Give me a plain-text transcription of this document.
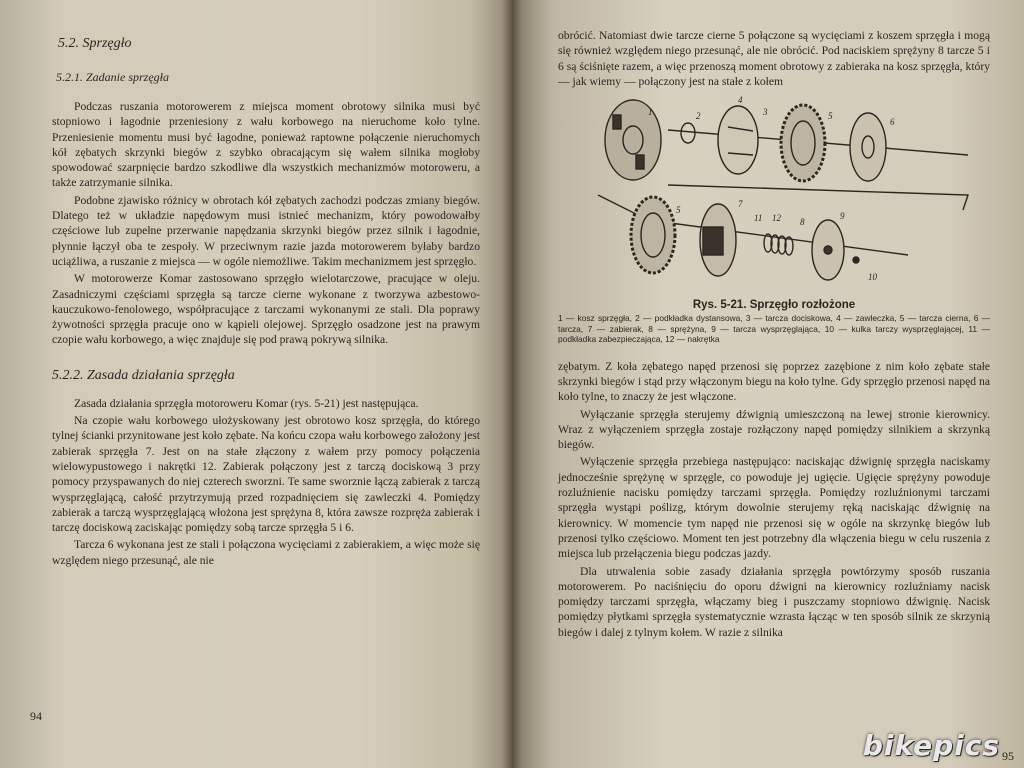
5.2. Sprzęgło
5.2.1. Zadanie sprzęgła

Podczas ruszania motorowerem z miejsca moment obrotowy silnika musi być stopniowo i łagodnie przeniesiony z wału korbowego na nieruchome koło tylne. Przeniesienie momentu musi być łagodne, ponieważ raptowne połączenie nieruchomych kół zębatych skrzynki biegów z szybko obracającym się wałem silnika mogłoby spowodować szarpnięcie bardzo szkodliwe dla wszystkich mechanizmów motoroweru, a także zatrzymanie silnika.

Podobne zjawisko różnicy w obrotach kół zębatych zachodzi podczas zmiany biegów. Dlatego też w układzie napędowym musi istnieć mechanizm, który powodowałby częściowe lub zupełne przerwanie napędzania skrzynki biegów przez silnik i łagodnie, płynnie łączył oba te zespoły. W przeciwnym razie jazda motorowerem byłaby bardzo uciążliwa, a ruszanie z miejsca — w ogóle niemożliwe. Takim mechanizmem jest sprzęgło.

W motorowerze Komar zastosowano sprzęgło wielotarczowe, pracujące w oleju. Zasadniczymi częściami sprzęgła są tarcze cierne wykonane z tworzywa azbestowo-kauczukowo-fenolowego, współpracujące z tarczami wykonanymi ze stali. Dla poprawy żywotności sprzęgła pracuje ono w kąpieli olejowej. Sprzęgło osadzone jest na prawym czopie wału korbowego, a więc znajduje się pod prawą pokrywą silnika.

5.2.2. Zasada działania sprzęgła

Zasada działania sprzęgła motoroweru Komar (rys. 5-21) jest następująca.

Na czopie wału korbowego ułożyskowany jest obrotowo kosz sprzęgła, do którego tylnej ścianki przynitowane jest koło zębate. Na końcu czopa wału korbowego założony jest zabierak sprzęgła 7. Jest on na stałe złączony z wałem przy pomocy połączenia wielowypustowego i nakrętki 12. Zabierak połączony jest z tarczą dociskową 3 przy pomocy przyspawanych do niej czterech sworzni. Te same sworznie łączą zabierak z tarczą wysprzęglającą, całość przytrzymują przed rozpadnięciem się zawleczki 4. Pomiędzy zabierak a tarczą wysprzęglającą włożona jest sprężyna 8, która zawsze rozpręża zabierak i tarczę dociskową zaciskając pomiędzy sobą tarcze sprzęgła 5 i 6.

Tarcza 6 wykonana jest ze stali i połączona wycięciami z zabierakiem, a więc może się względem niego przesunąć, ale nie

94

obrócić. Natomiast dwie tarcze cierne 5 połączone są wycięciami z koszem sprzęgła i mogą się również względem niego przesunąć, ale nie obrócić. Pod naciskiem sprężyny 8 tarcze 5 i 6 są ściśnięte razem, a więc przenoszą moment obrotowy z zabieraka na kosz sprzęgła, który — jak wiemy — połączony jest na stałe z kołem

1	2	3
4
5
6
5
7
11 12 8
9
10
Rys. 5-21. Sprzęgło rozłożone
1 — kosz sprzęgła, 2 — podkładka dystansowa, 3 — tarcza dociskowa, 4 — zawleczka, 5 — tarcza cierna, 6 — tarcza, 7 — zabierak, 8 — sprężyna, 9 — tarcza wysprzęglająca, 10 — kulka tarczy wysprzęglającej, 11 — podkładka zabezpieczająca, 12 — nakrętka

zębatym. Z koła zębatego napęd przenosi się poprzez zazębione z nim koło zębate stałe skrzynki biegów i stąd przy włączonym biegu na koło tylne. Gdy sprzęgło przenosi napęd na koło tylne, to znaczy że jest włączone.

Wyłączanie sprzęgła sterujemy dźwignią umieszczoną na lewej stronie kierownicy. Wraz z wyłączeniem sprzęgła zostaje rozłączony napęd pomiędzy silnikiem a skrzynką biegów.

Wyłączenie sprzęgła przebiega następująco: naciskając dźwignię sprzęgła naciskamy jednocześnie sprężynę w sprzęgle, co powoduje jej ugięcie. Ugięcie sprężyny powoduje rozluźnienie nacisku pomiędzy tarczami sprzęgła. Pomiędzy rozluźnionymi tarczami sprzęgła wystąpi poślizg, którym dowolnie sterujemy ręką naciskając dźwignię na kierownicy. W momencie tym napęd nie przenosi się w ogóle na skrzynkę biegów lub przenosi tylko częściowo. Moment ten jest potrzebny dla włączenia biegu w celu ruszenia z miejsca lub przełączenia biegu podczas jazdy.

Dla utrwalenia sobie zasady działania sprzęgła powtórzymy sposób ruszania motorowerem. Po naciśnięciu do oporu dźwigni na kierownicy rozluźniamy nacisk pomiędzy tarczami sprzęgła, włączamy bieg i puszczamy stopniowo dźwignię. Nacisk pomiędzy płytkami sprzęgła systematycznie wzrasta łącząc w ten sposób silnik ze skrzynią biegów i dalej z tylnym kołem. W razie z silnika

95
bikepics
